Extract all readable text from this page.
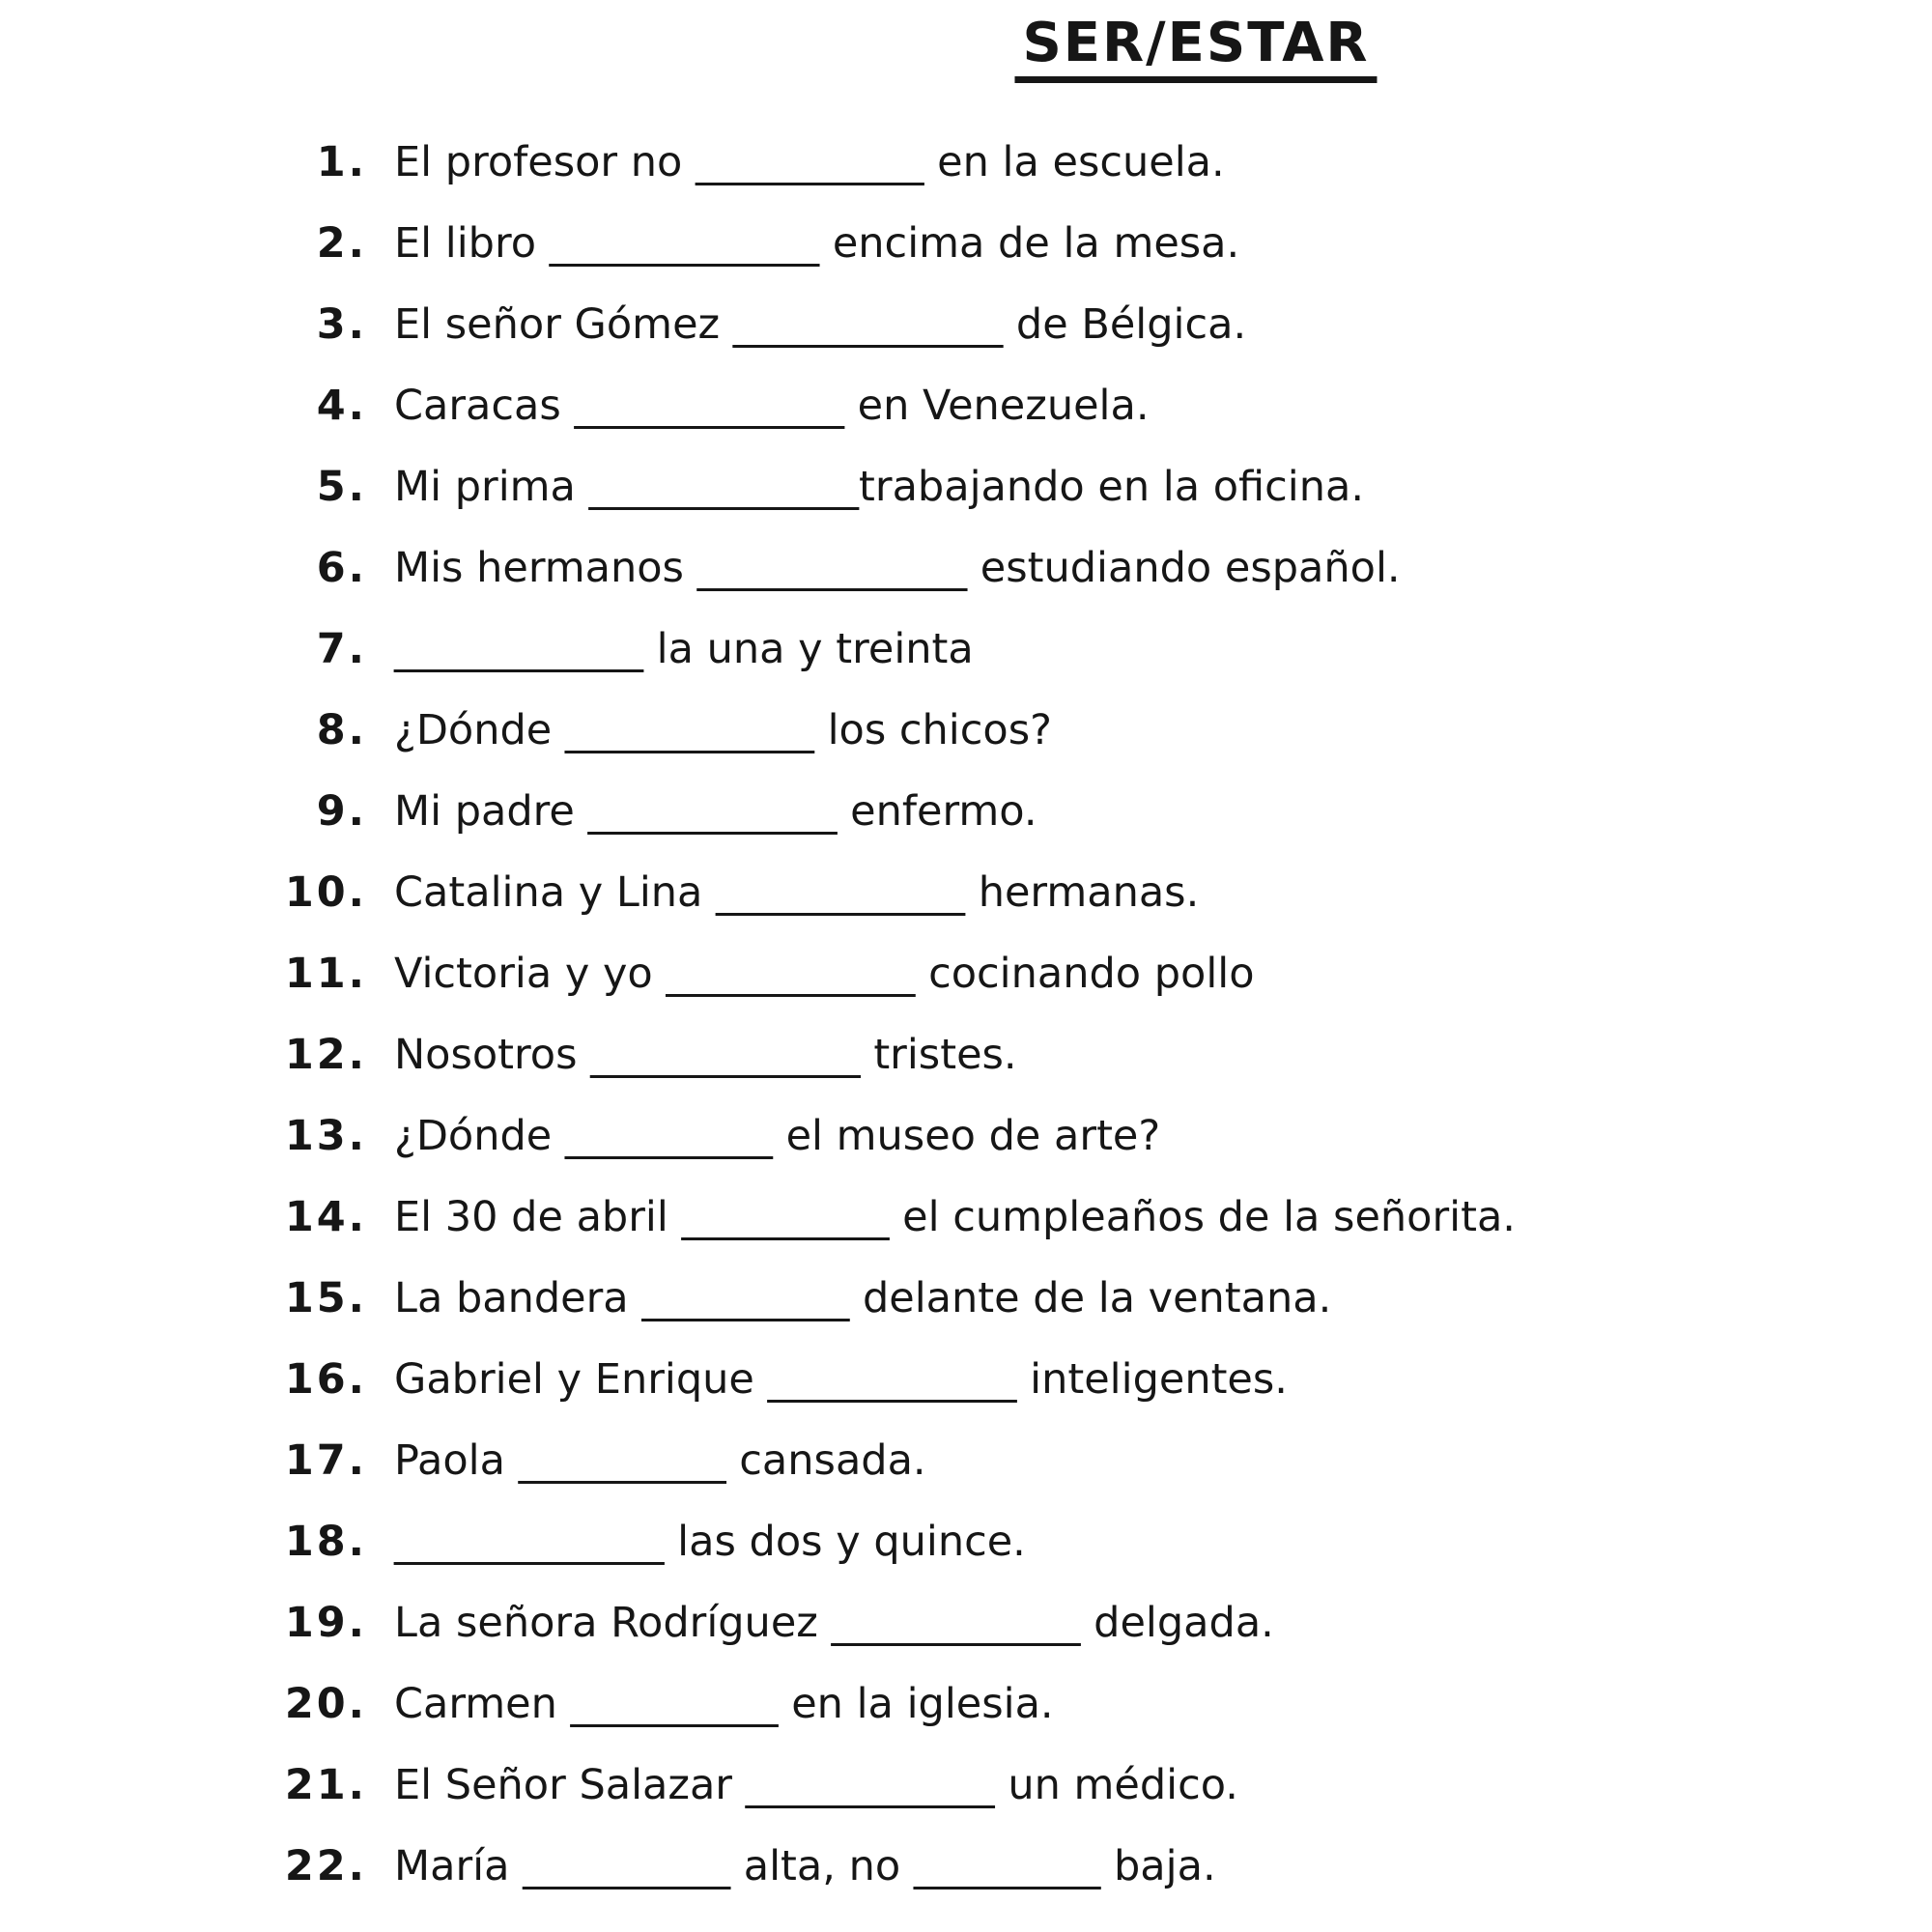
SER/ESTAR
1. El profesor no ___________ en la escuela.
2. El libro _____________ encima de la mesa.
3. El señor Gómez _____________ de Bélgica.
4. Caracas _____________ en Venezuela.
5. Mi prima _____________trabajando en la oficina.
6. Mis hermanos _____________ estudiando español.
7. ____________ la una y treinta
8. ¿Dónde ____________ los chicos?
9. Mi padre ____________ enfermo.
10. Catalina y Lina ____________ hermanas.
11. Victoria y yo ____________ cocinando pollo
12. Nosotros _____________ tristes.
13. ¿Dónde __________ el museo de arte?
14. El 30 de abril __________ el cumpleaños de la señorita.
15. La bandera __________ delante de la ventana.
16. Gabriel y Enrique ____________ inteligentes.
17. Paola __________ cansada.
18. _____________ las dos y quince.
19. La señora Rodríguez ____________ delgada.
20. Carmen __________ en la iglesia.
21. El Señor Salazar ____________ un médico.
22. María __________ alta, no _________ baja.
